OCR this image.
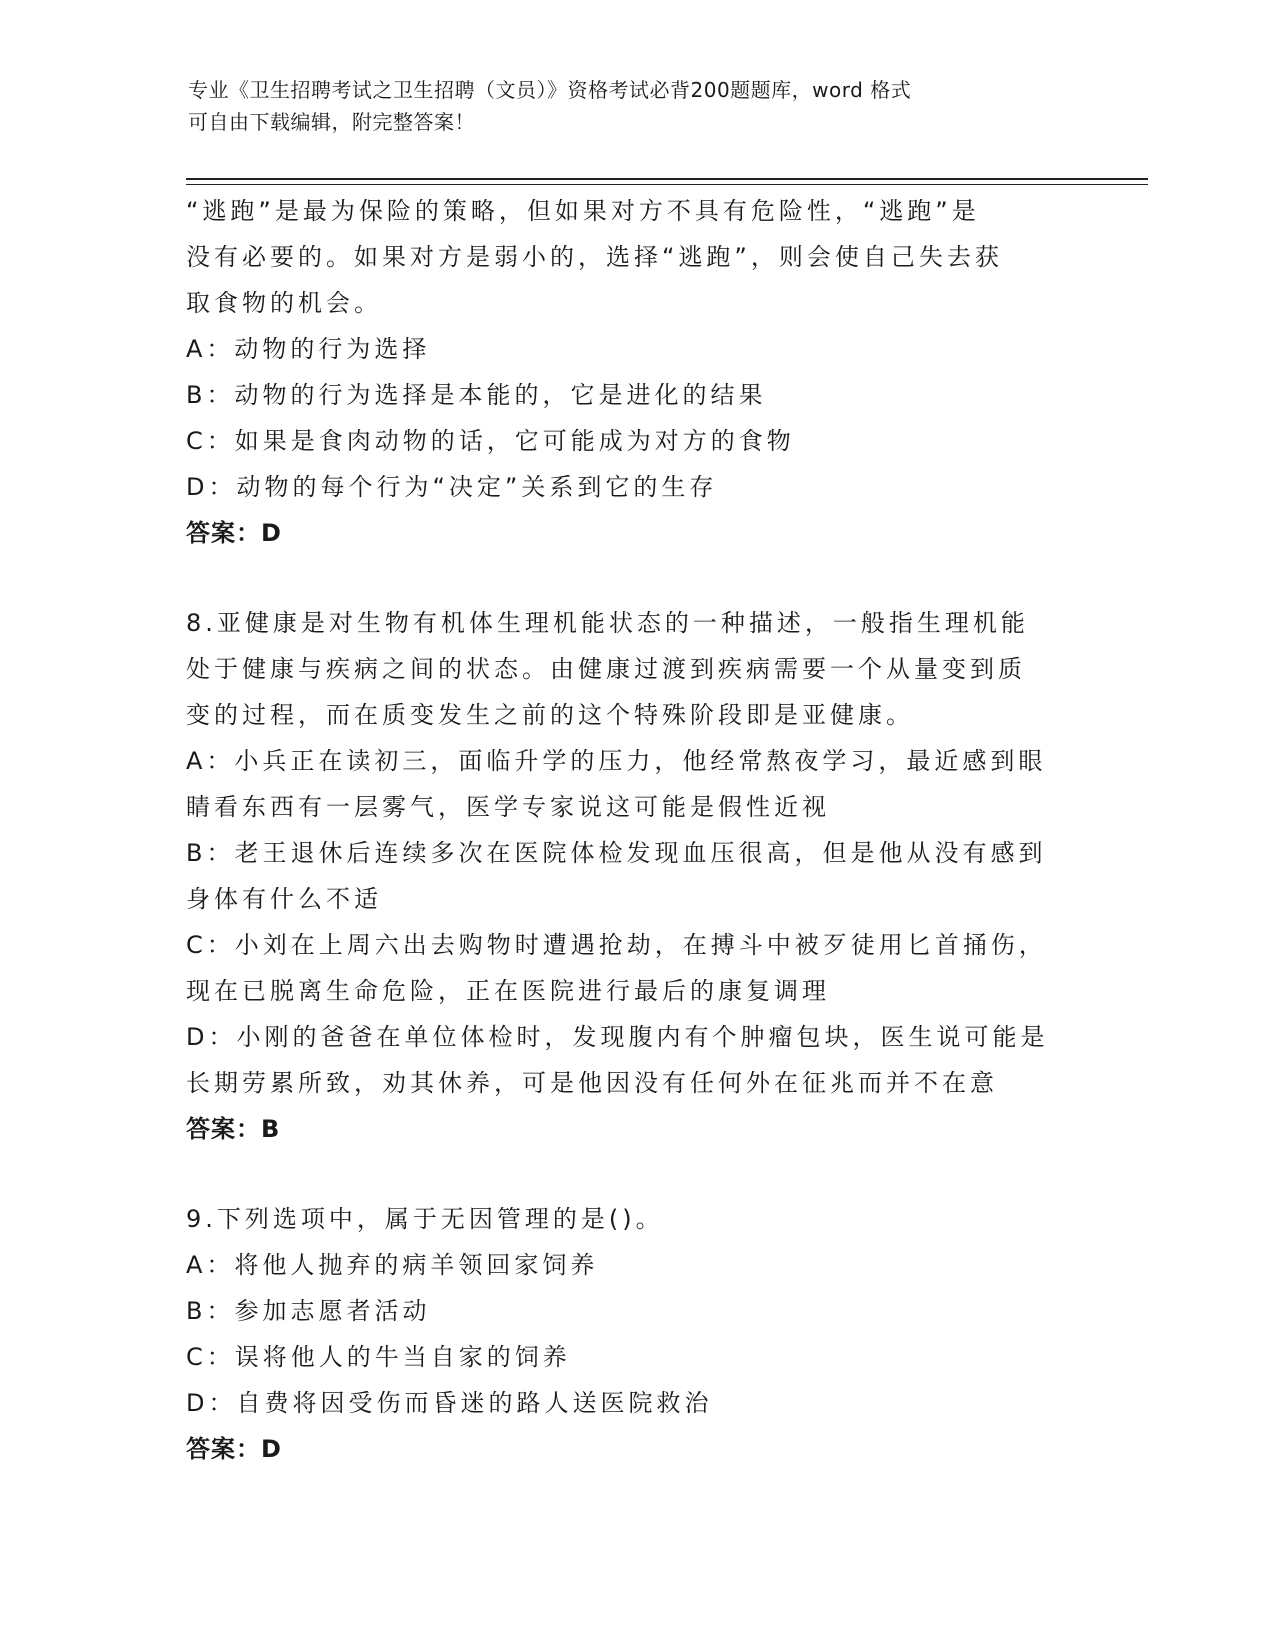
专业《卫生招聘考试之卫生招聘（文员）》资格考试必背200题题库，word 格式
可自由下载编辑，附完整答案！
“逃跑”是最为保险的策略，但如果对方不具有危险性，“逃跑”是
没有必要的。如果对方是弱小的，选择“逃跑”，则会使自己失去获
取食物的机会。
A：动物的行为选择
B：动物的行为选择是本能的，它是进化的结果
C：如果是食肉动物的话，它可能成为对方的食物
D：动物的每个行为“决定”关系到它的生存
答案：D
8.亚健康是对生物有机体生理机能状态的一种描述，一般指生理机能
处于健康与疾病之间的状态。由健康过渡到疾病需要一个从量变到质
变的过程，而在质变发生之前的这个特殊阶段即是亚健康。
A：小兵正在读初三，面临升学的压力，他经常熬夜学习，最近感到眼
睛看东西有一层雾气，医学专家说这可能是假性近视
B：老王退休后连续多次在医院体检发现血压很高，但是他从没有感到
身体有什么不适
C：小刘在上周六出去购物时遭遇抢劫，在搏斗中被歹徒用匕首捅伤，
现在已脱离生命危险，正在医院进行最后的康复调理
D：小刚的爸爸在单位体检时，发现腹内有个肿瘤包块，医生说可能是
长期劳累所致，劝其休养，可是他因没有任何外在征兆而并不在意
答案：B
9.下列选项中，属于无因管理的是()。
A：将他人抛弃的病羊领回家饲养
B：参加志愿者活动
C：误将他人的牛当自家的饲养
D：自费将因受伤而昏迷的路人送医院救治
答案：D
